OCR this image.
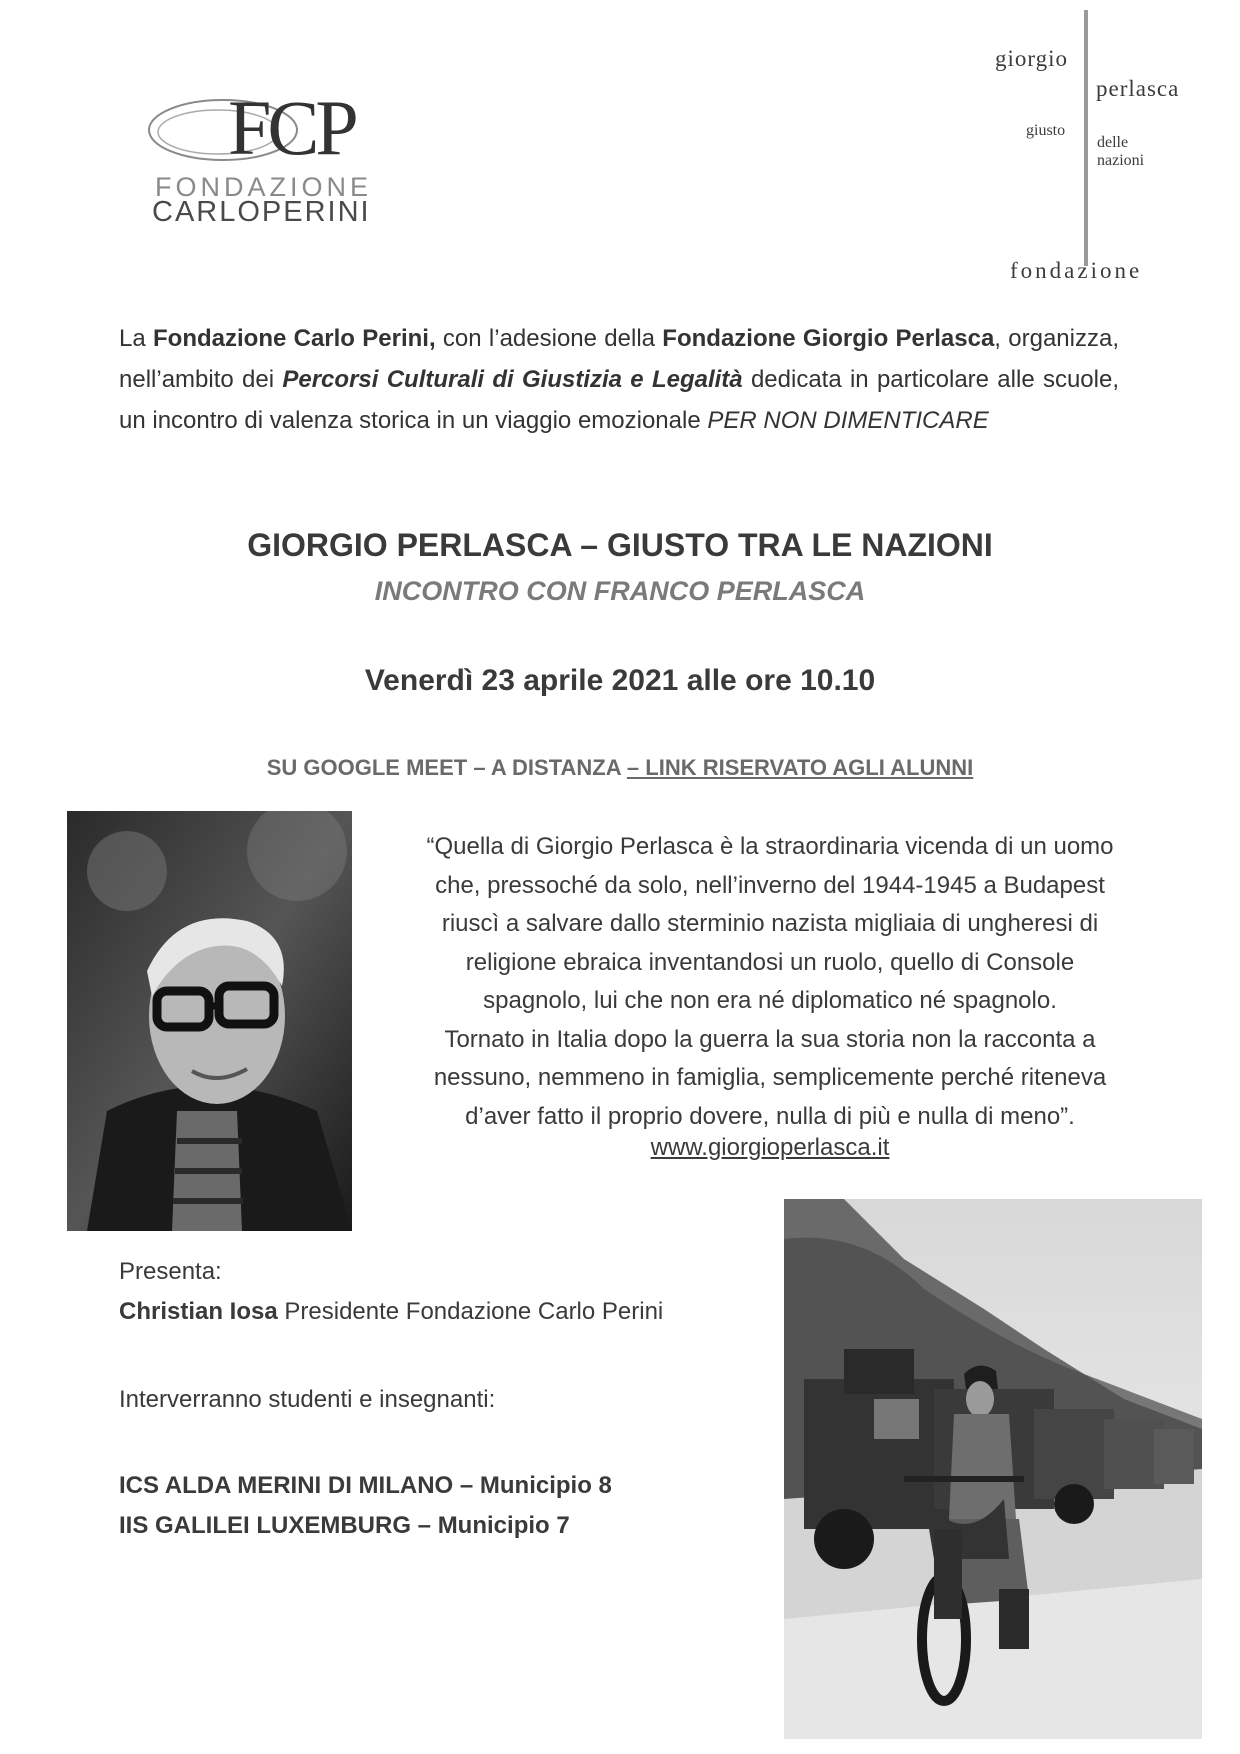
FCP
FONDAZIONE
CARLOPERINI
giorgio
perlasca
giusto
delle
nazioni
fondazione
La Fondazione Carlo Perini, con l’adesione della Fondazione Giorgio Perlasca, organizza, nell’ambito dei Percorsi Culturali di Giustizia e Legalità dedicata in particolare alle scuole, un incontro di valenza storica in un viaggio emozionale PER NON DIMENTICARE
GIORGIO PERLASCA – GIUSTO TRA LE NAZIONI
INCONTRO CON FRANCO PERLASCA
Venerdì 23 aprile 2021 alle ore 10.10
SU GOOGLE MEET – A DISTANZA – LINK RISERVATO AGLI ALUNNI
“Quella di Giorgio Perlasca è la straordinaria vicenda di un uomo
che, pressoché da solo, nell’inverno del 1944-1945 a Budapest
riuscì a salvare dallo sterminio nazista migliaia di ungheresi di
religione ebraica inventandosi un ruolo, quello di Console
spagnolo, lui che non era né diplomatico né spagnolo.
Tornato in Italia dopo la guerra la sua storia non la racconta a
nessuno, nemmeno in famiglia, semplicemente perché riteneva
d’aver fatto il proprio dovere, nulla di più e nulla di meno”.
www.giorgioperlasca.it
Presenta:
Christian Iosa Presidente Fondazione Carlo Perini
Interverranno studenti e insegnanti:
ICS ALDA MERINI DI MILANO – Municipio 8
IIS GALILEI LUXEMBURG – Municipio 7
